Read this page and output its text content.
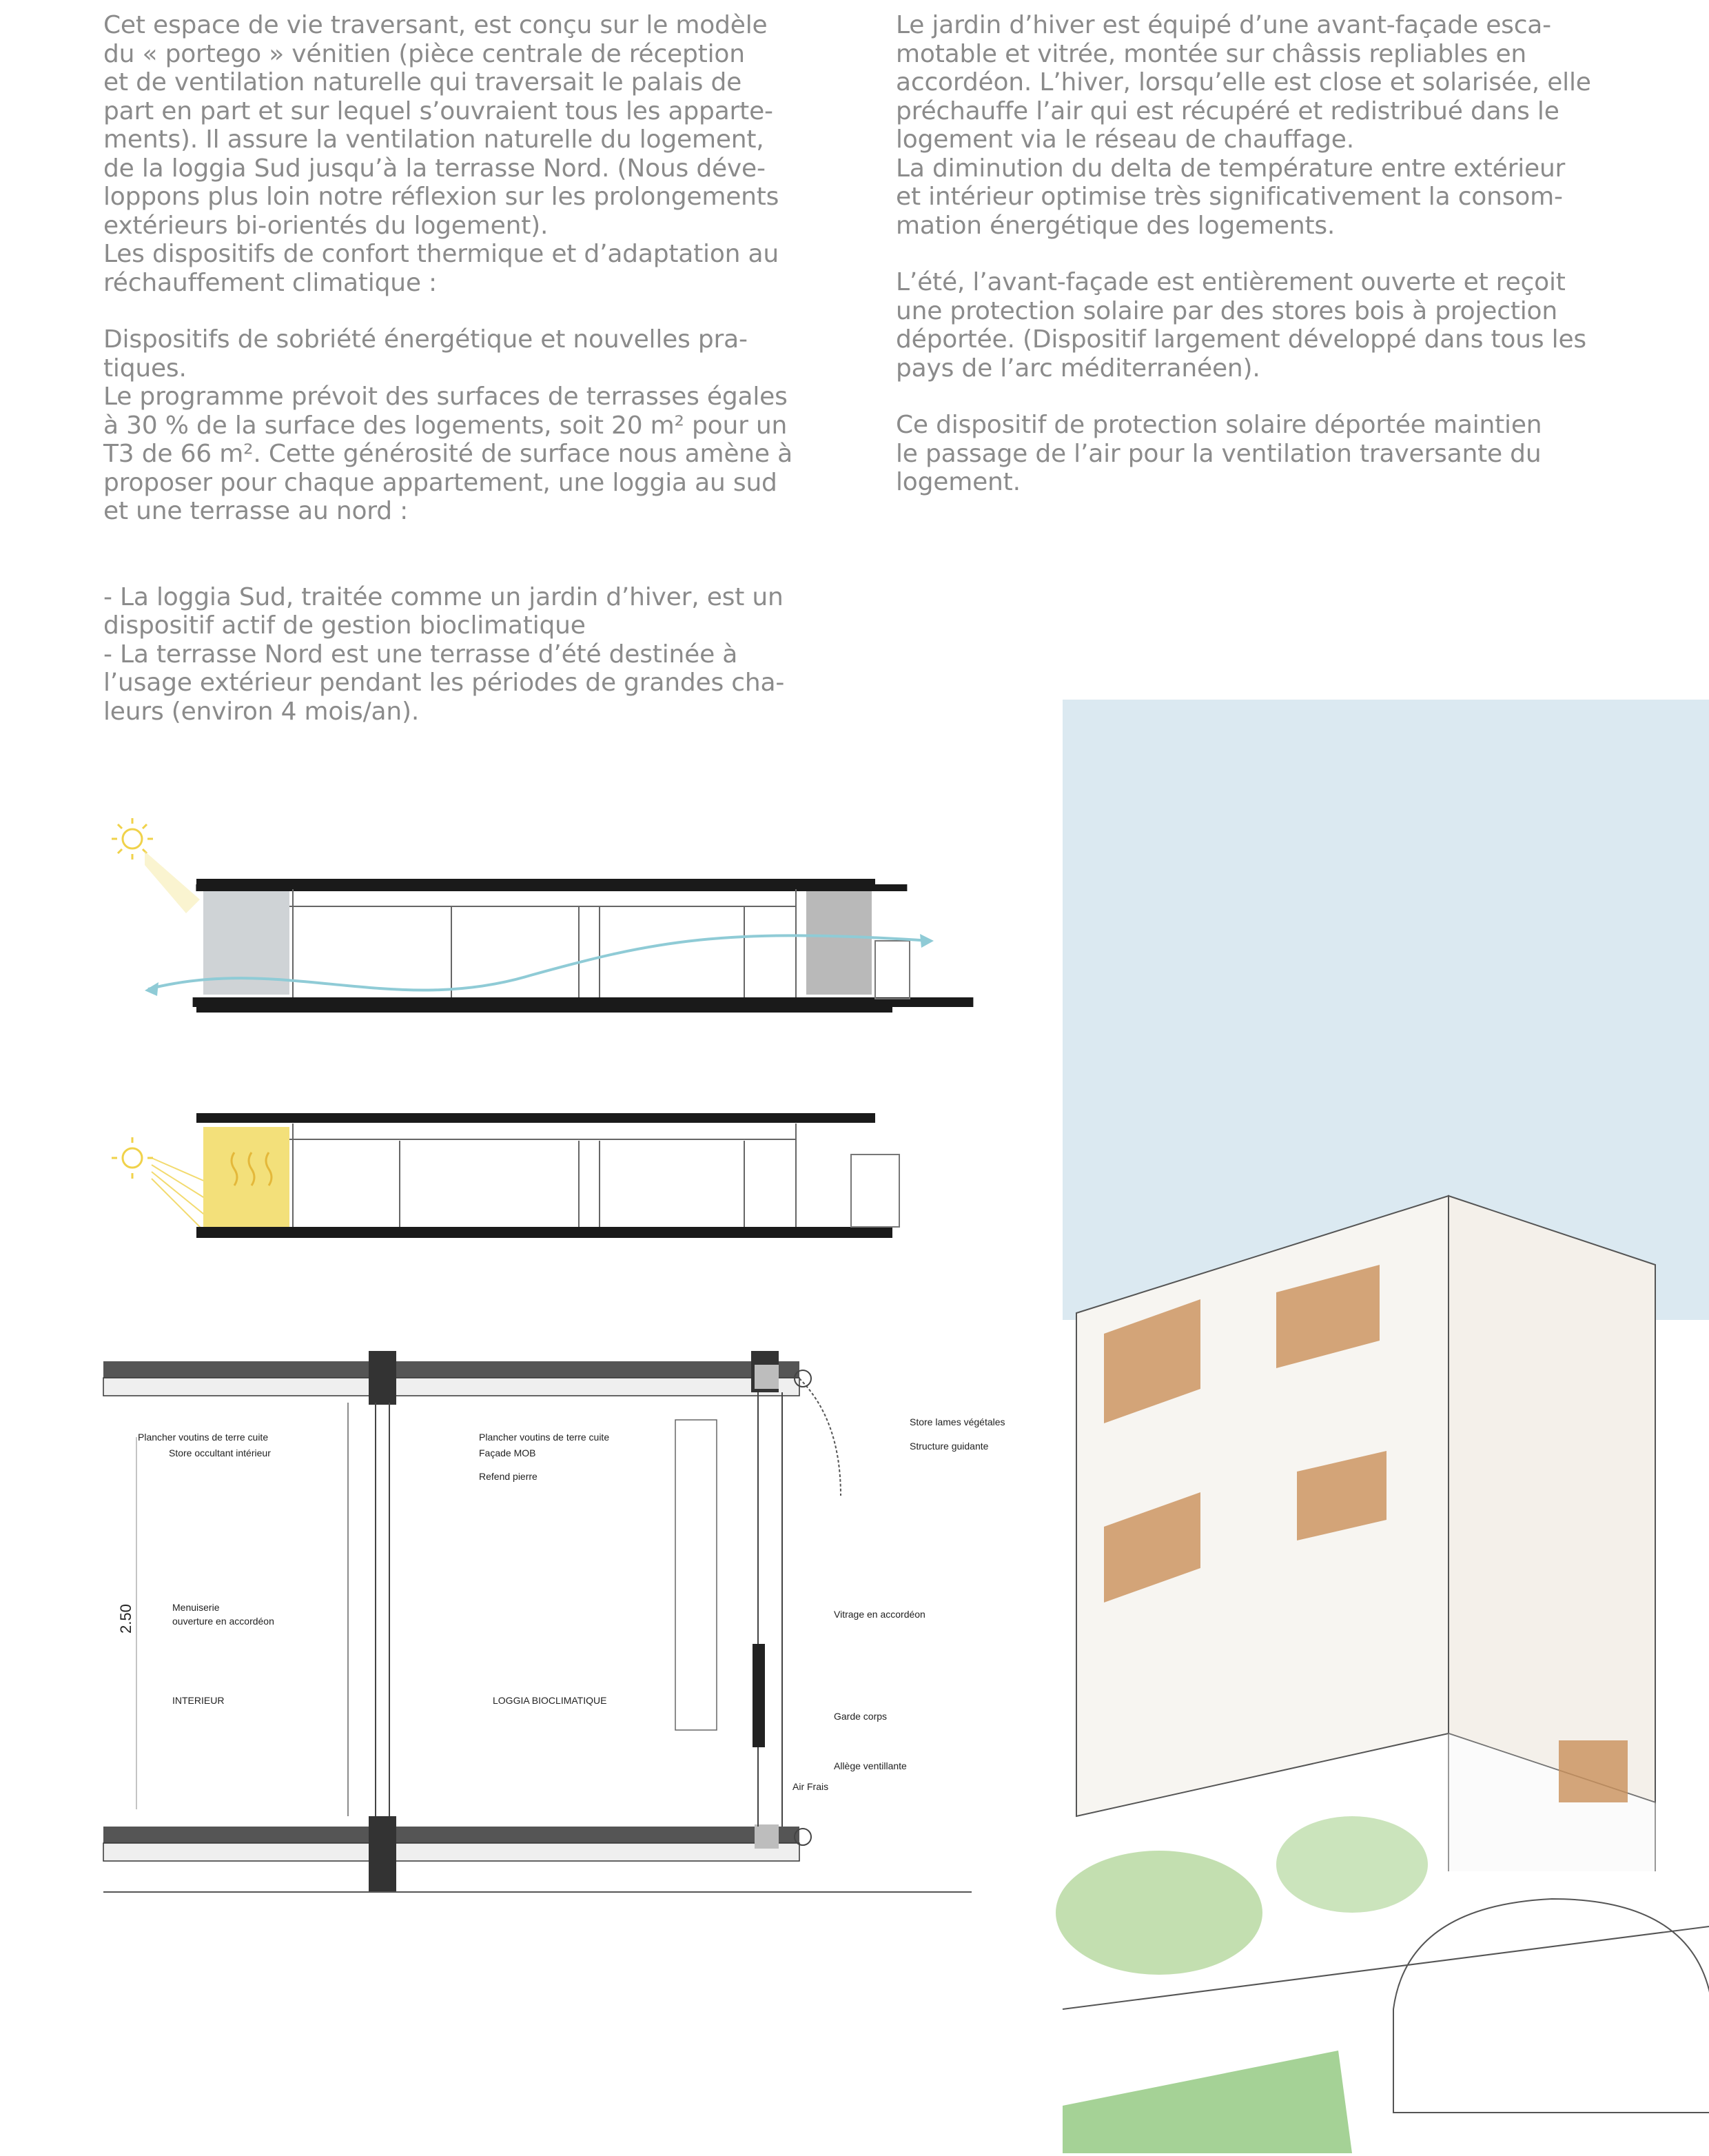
Cet espace de vie traversant, est conçu sur le modèle
du « portego » vénitien (pièce centrale de réception
et de ventilation naturelle qui traversait le palais de
part en part et sur lequel s’ouvraient tous les apparte-
ments). Il assure la ventilation naturelle du logement,
de la loggia Sud jusqu’à la terrasse Nord. (Nous déve-
loppons plus loin notre réflexion sur les prolongements
extérieurs bi-orientés du logement).
Les dispositifs de confort thermique et d’adaptation au
réchauffement climatique :

Dispositifs de sobriété énergétique et nouvelles pra-
tiques.
Le programme prévoit des surfaces de terrasses égales
à 30 % de la surface des logements, soit 20 m² pour un
T3 de 66 m². Cette générosité de surface nous amène à
proposer pour chaque appartement, une loggia au sud
et une terrasse au nord :

- La loggia Sud, traitée comme un jardin d’hiver, est un
dispositif actif de gestion bioclimatique
- La terrasse Nord est une terrasse d’été destinée à
l’usage extérieur pendant les périodes de grandes cha-
leurs (environ 4 mois/an).

Le jardin d’hiver est équipé d’une avant-façade esca-
motable et vitrée, montée sur châssis repliables en
accordéon. L’hiver, lorsqu’elle est close et solarisée, elle
préchauffe l’air qui est récupéré et redistribué dans le
logement via le réseau de chauffage.
La diminution du delta de température entre extérieur
et intérieur optimise très significativement la consom-
mation énergétique des logements.

L’été, l’avant-façade est entièrement ouverte et reçoit
une protection solaire par des stores bois à projection
déportée. (Dispositif largement développé dans tous les
pays de l’arc méditerranéen).

Ce dispositif de protection solaire déportée maintien
le passage de l’air pour la ventilation traversante du
logement.

Plancher voutins de terre cuite
Store occultant intérieur
Plancher voutins de terre cuite
Façade MOB
Refend pierre
Menuiserie
ouverture en accordéon
INTERIEUR	LOGGIA BIOCLIMATIQUE
Store lames végétales
Structure guidante
Vitrage en accordéon
Garde corps
Allège ventillante
Air Frais
2.50
